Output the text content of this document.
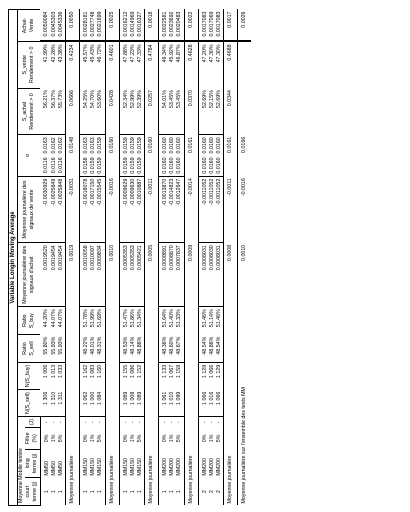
Variable Longin Moving Average														
Moyenne Mobile testée				N(S_sell)	N(S_buy)	Ratio S_sell	Ratio S_buy	Moyenne journalière des signaux d'achat	Moyenne journalière des signaux de vente	σ		S_achat Rendement > 0	S_vente Rendement > 0	Achat-Vente
court terme (j)	long terme (j)	Filtre (%)	(J)											
1	MM50	0%	-	1 306	1 006	55.80%	44.20%	0.0019520	-0.0030929	0.0116	0.0163	56.21%	41.99%	0.0050084
1	MM50	1%	-	1 310	1 013	55.93%	44.07%	0.0019454	-0.0025849	0.0116	0.0162	56.37%	42.28%	0.0045303
1	MM50	5%	-	1 311	1 033	55.93%	44.07%	0.0019454	-0.0025848	0.0116	0.0162	55.73%	43.38%	0.0045336
Moyenne journalière								0.0019	-0.0031	0.0148		0.0666	0.4234	0.0050
1	MM150	0%	-	1 062	1 162	48.22%	51.78%	0.0010058	-0.0018078	0.0158	0.0163	54.25%	45.57%	0.0028181
1	MM150	1%	-	1 000	1 083	48.01%	51.99%	0.0010097	-0.0017150	0.0159	0.0163	54.70%	45.43%	0.0027748
1	MM150	5%	-	1 084	1 160	48.31%	51.69%	0.0009834	-0.0015545	0.0159	0.0159	53.60%	46.72%	0.0021699
Moyenne journalière								0.0010	-0.0016	0.0160		0.0428	0.4601	0.0025
1	MM150	0%	-	1 089	1 155	48.53%	51.47%	0.0005353	-0.0009629	0.0159	0.0159	52.34%	47.88%	0.0016212
1	MM150	1%	-	1 008	1 086	48.14%	51.86%	0.0005353	-0.0009630	0.0159	0.0159	52.99%	47.23%	0.0014969
1	MM150	5%	-	1 089	1 152	48.86%	51.34%	0.0005421	-0.0010887	0.0159	0.0159	52.39%	47.33%	0.0016327
Moyenne journalière								0.0005	-0.0011	0.0160		0.0257	0.4784	0.0018
1	MM200	0%	-	1 061	1 133	48.36%	51.64%	0.0008891	-0.0013870	0.0160	0.0160	54.01%	46.34%	0.0022581
1	MM200	1%	-	1 010	1 067	48.60%	51.40%	0.0008870	-0.0014823	0.0160	0.0160	53.45%	45.92%	0.0023692
1	MM200	5%	-	1 099	1 159	48.67%	51.33%	0.0007837	-0.0012647	0.0160	0.0160	53.45%	46.87%	0.0020483
Moyenne journalière								0.0009	-0.0014	0.0161		0.0370	0.4628	0.0022
2	MM200	0%	-	1 066	1 129	48.54%	51.46%	0.0008031	-0.0011052	0.0160	0.0160	52.69%	47.20%	0.0017083
2	MM200	1%	-	1 016	1 066	48.86%	51.14%	0.0008030	-0.0011052	0.0160	0.0160	52.15%	47.30%	0.0017069
2	MM200	5%	-	1 066	1 129	48.54%	51.46%	0.0008031	-0.0011052	0.0160	0.0160	52.69%	47.30%	0.0017083
Moyenne journalière								0.0008	-0.0011	0.0161		0.0344	0.4688	0.0017
Moyenne journalière sur l'ensemble des tests MM								0.0010	-0.0016	0.0166				0.0026
